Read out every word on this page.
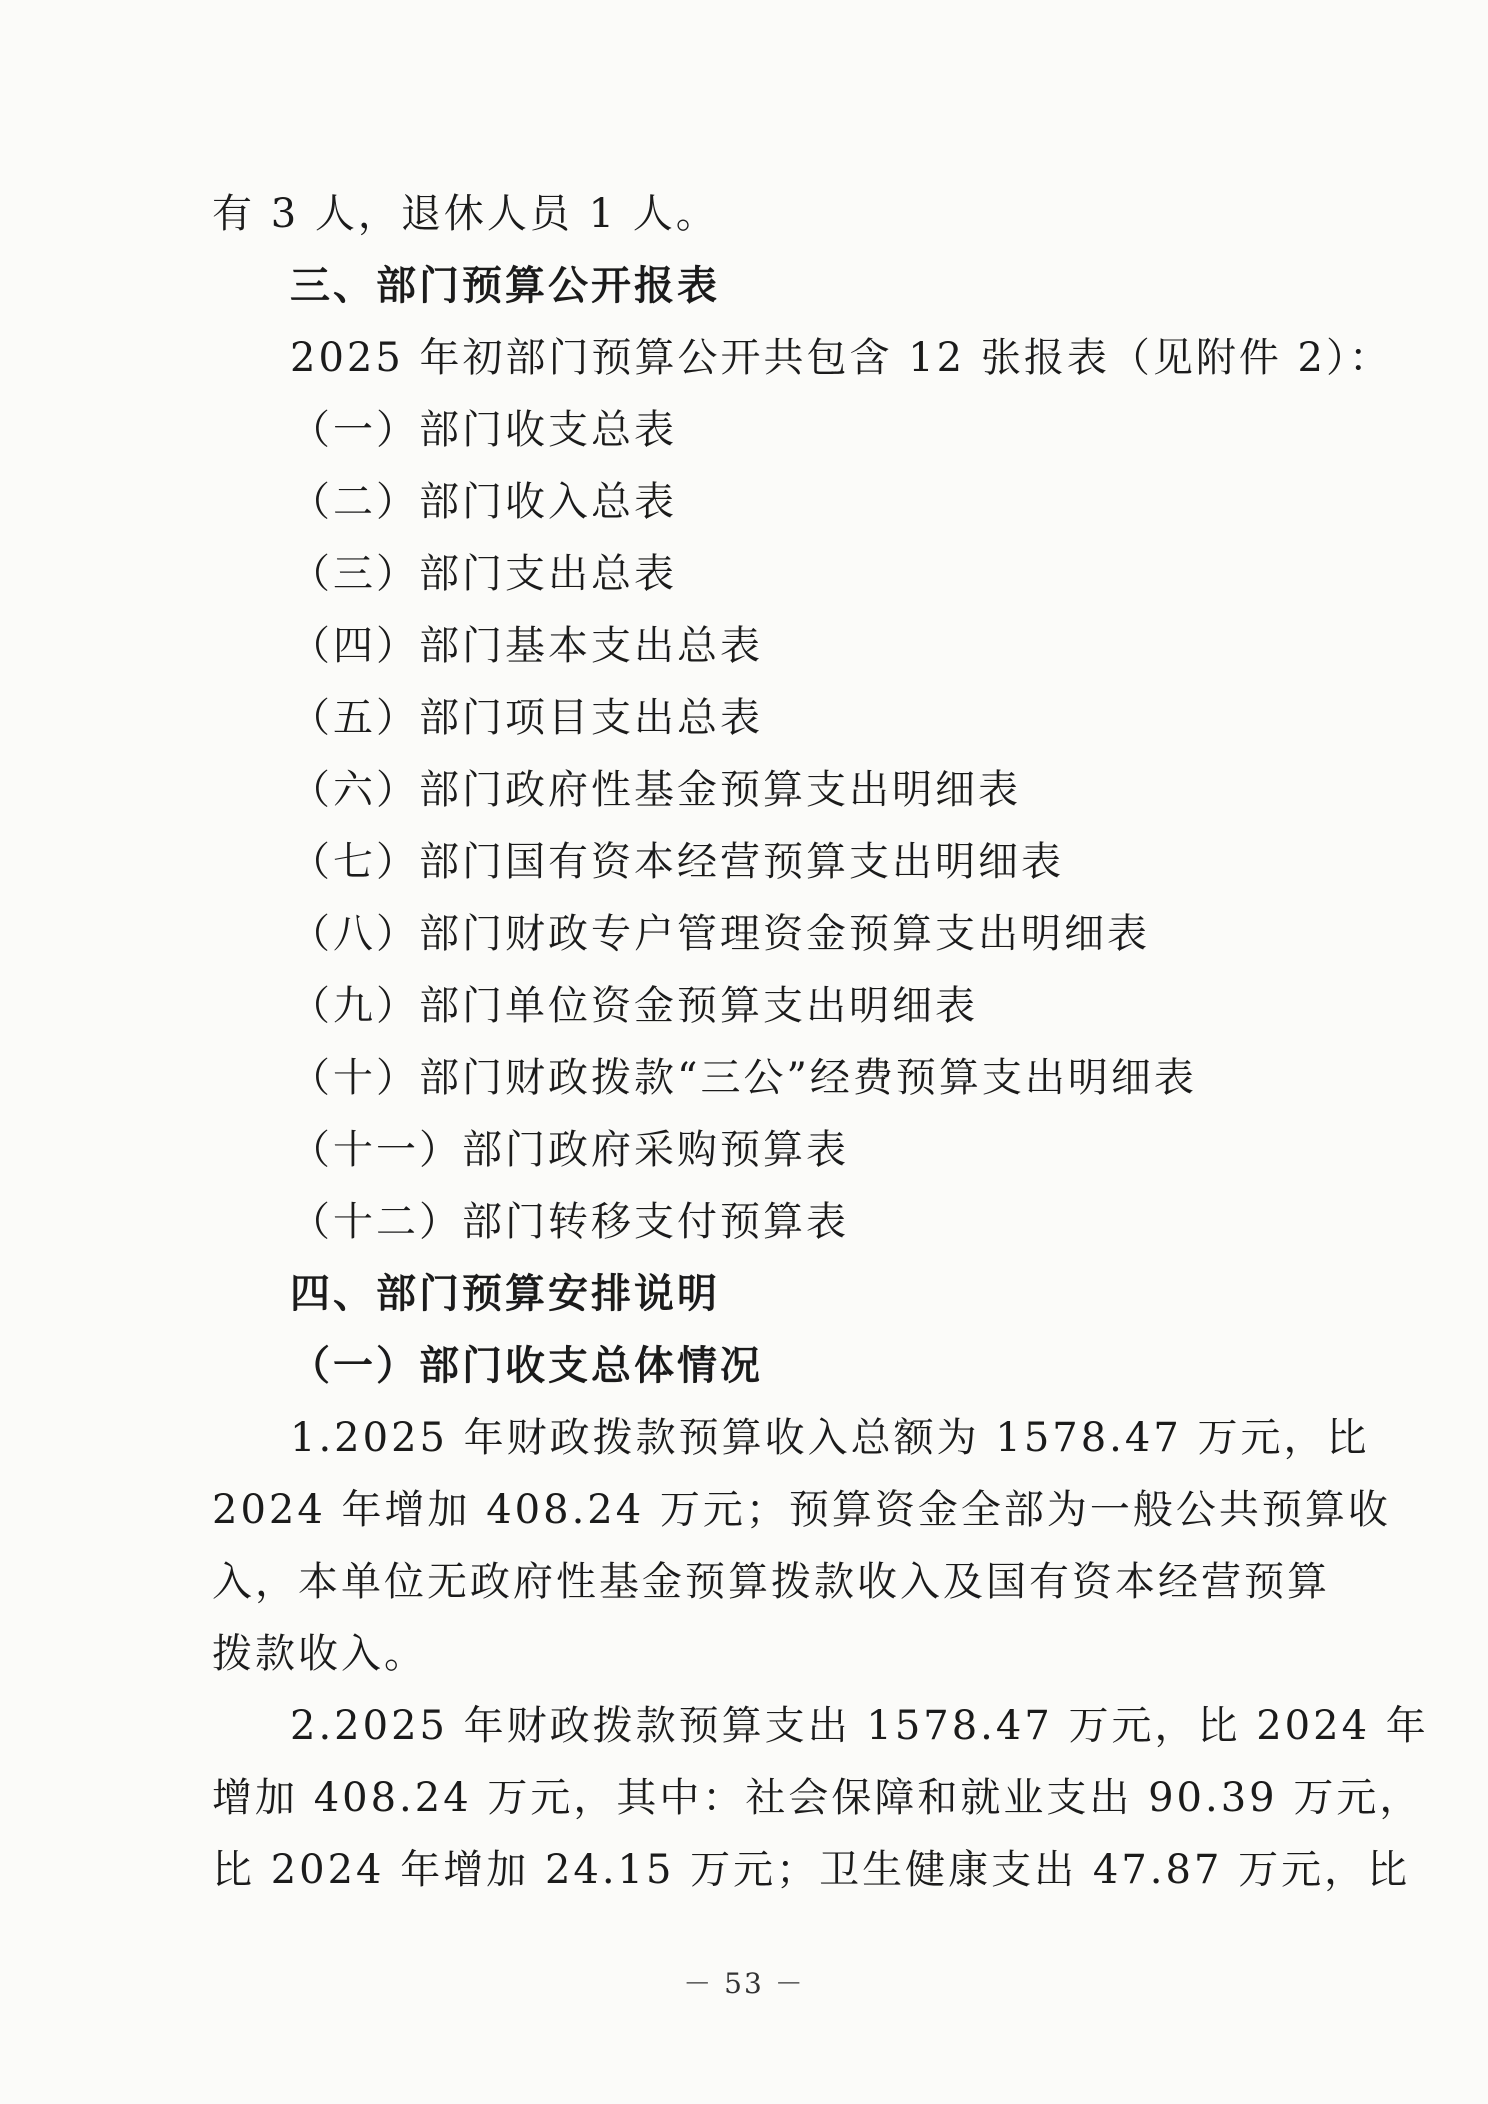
有 3 人，退休人员 1 人。
三、部门预算公开报表
2025 年初部门预算公开共包含 12 张报表（见附件 2）：
（一）部门收支总表
（二）部门收入总表
（三）部门支出总表
（四）部门基本支出总表
（五）部门项目支出总表
（六）部门政府性基金预算支出明细表
（七）部门国有资本经营预算支出明细表
（八）部门财政专户管理资金预算支出明细表
（九）部门单位资金预算支出明细表
（十）部门财政拨款“三公”经费预算支出明细表
（十一）部门政府采购预算表
（十二）部门转移支付预算表
四、部门预算安排说明
（一）部门收支总体情况
1.2025 年财政拨款预算收入总额为 1578.47 万元，比
2024 年增加 408.24 万元；预算资金全部为一般公共预算收
入，本单位无政府性基金预算拨款收入及国有资本经营预算
拨款收入。
2.2025 年财政拨款预算支出 1578.47 万元，比 2024 年
增加 408.24 万元，其中：社会保障和就业支出 90.39 万元，
比 2024 年增加 24.15 万元；卫生健康支出 47.87 万元，比
－ 53 －
